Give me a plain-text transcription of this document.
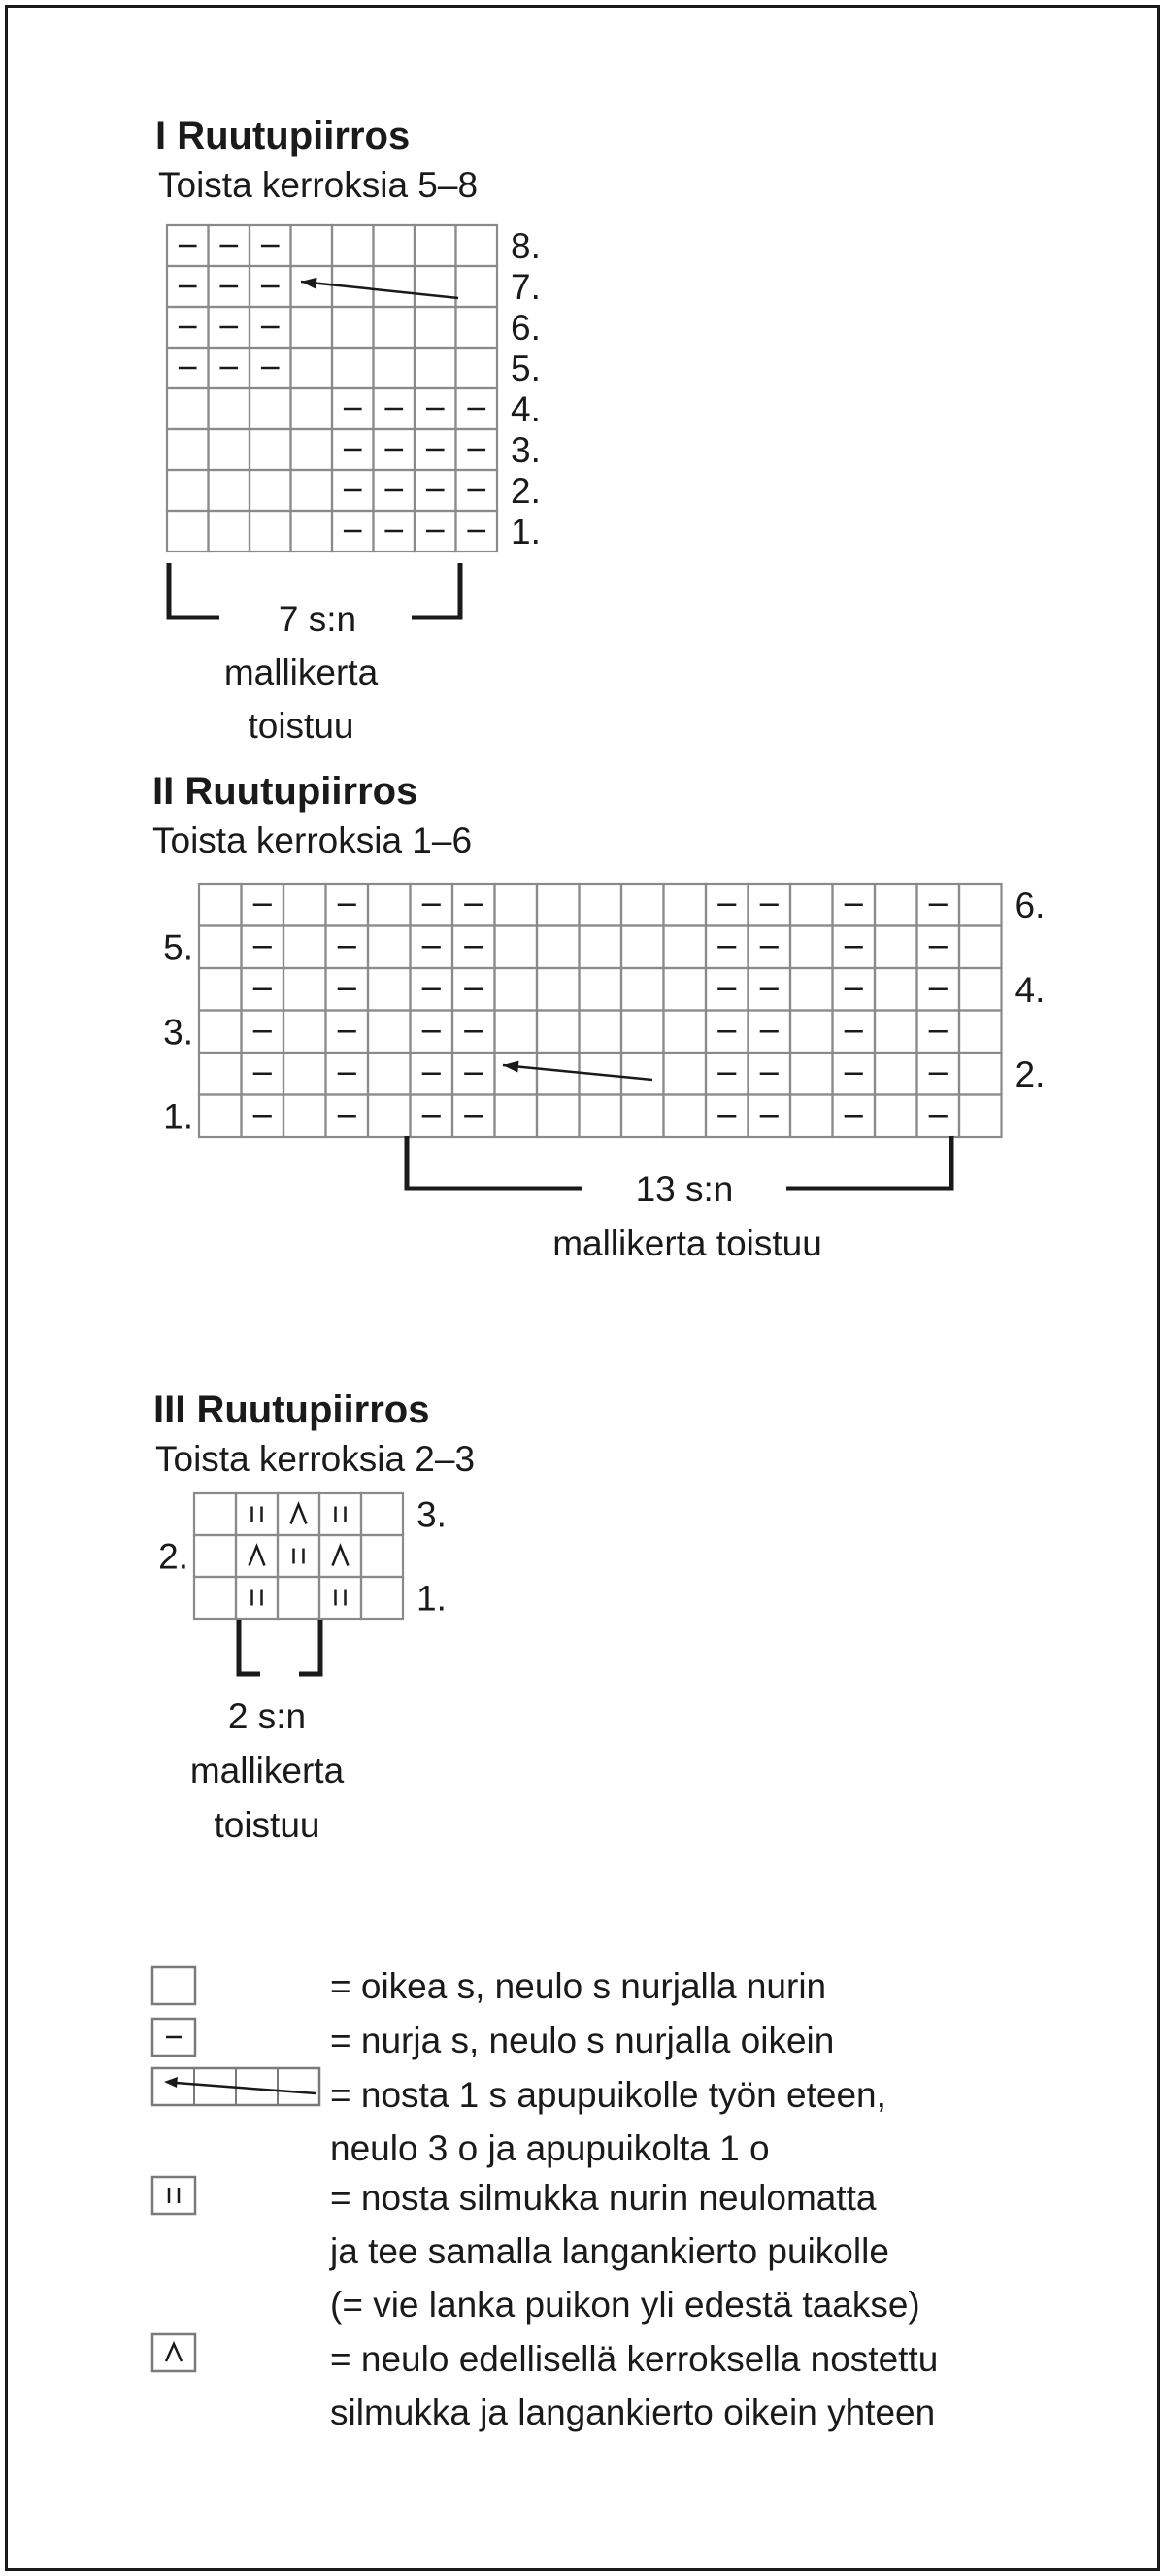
I Ruutupiirros
Toista kerroksia 5–8
II Ruutupiirros
Toista kerroksia 1–6
III Ruutupiirros
Toista kerroksia 2–3
8.
7.
6.
5.
4.
3.
2.
1.
7 s:n
mallikerta
toistuu
6.
5.
4.
3.
2.
1.
13 s:n
mallikerta toistuu
3.
2.
1.
2 s:n
mallikerta
toistuu
= oikea s, neulo s nurjalla nurin
= nurja s, neulo s nurjalla oikein
= nosta 1 s apupuikolle työn eteen,
neulo 3 o ja apupuikolta 1 o
= nosta silmukka nurin neulomatta
ja tee samalla langankierto puikolle
(= vie lanka puikon yli edestä taakse)
= neulo edellisellä kerroksella nostettu
silmukka ja langankierto oikein yhteen
